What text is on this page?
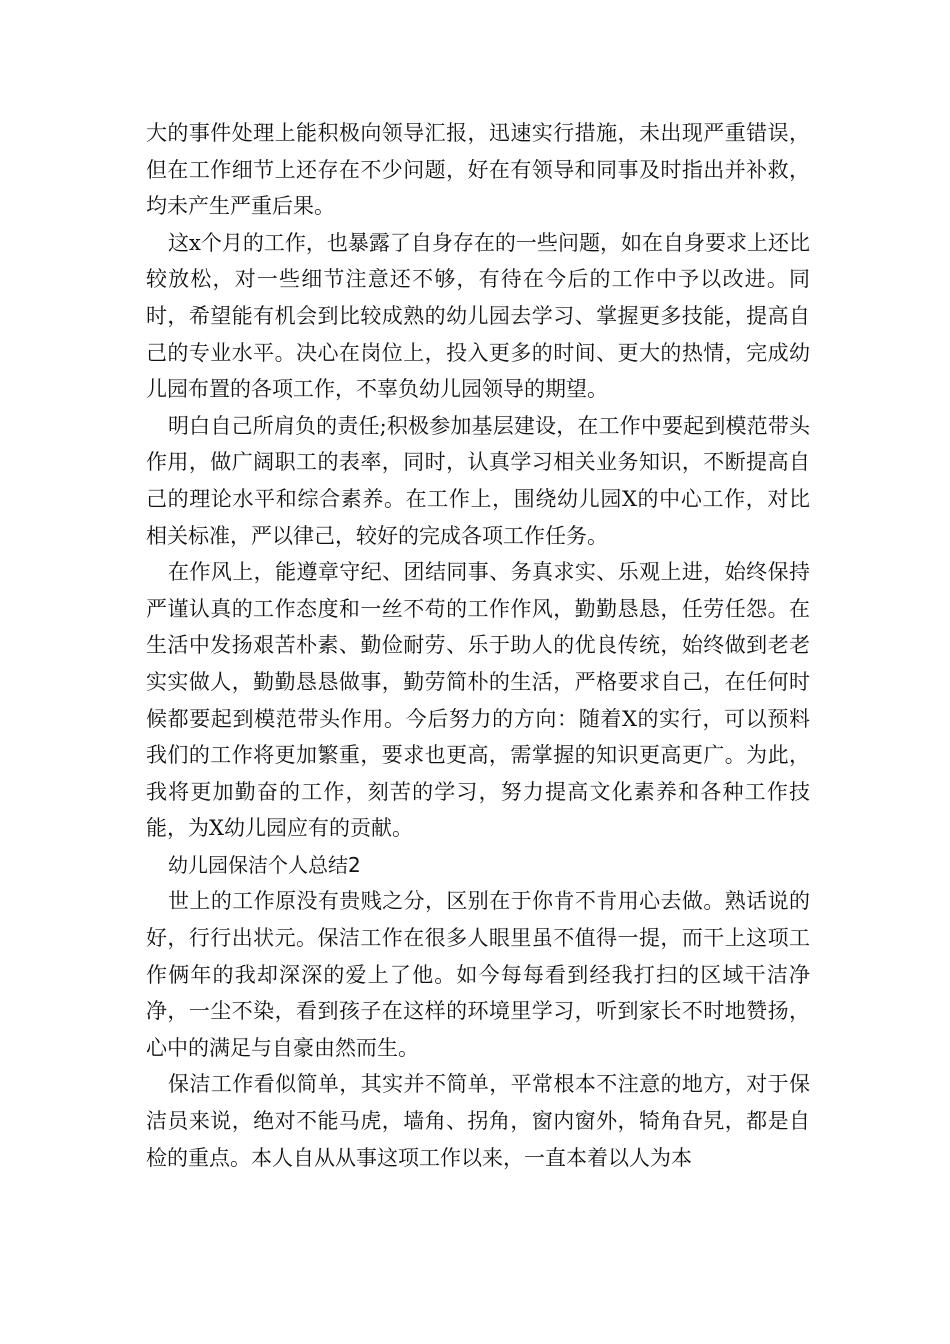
大的事件处理上能积极向领导汇报，迅速实行措施，未出现严重错误，但在工作细节上还存在不少问题，好在有领导和同事及时指出并补救，均未产生严重后果。

这x个月的工作，也暴露了自身存在的一些问题，如在自身要求上还比较放松，对一些细节注意还不够，有待在今后的工作中予以改进。同时，希望能有机会到比较成熟的幼儿园去学习、掌握更多技能，提高自己的专业水平。决心在岗位上，投入更多的时间、更大的热情，完成幼儿园布置的各项工作，不辜负幼儿园领导的期望。

明白自己所肩负的责任;积极参加基层建设，在工作中要起到模范带头作用，做广阔职工的表率，同时，认真学习相关业务知识，不断提高自己的理论水平和综合素养。在工作上，围绕幼儿园X的中心工作，对比相关标准，严以律己，较好的完成各项工作任务。

在作风上，能遵章守纪、团结同事、务真求实、乐观上进，始终保持严谨认真的工作态度和一丝不苟的工作作风，勤勤恳恳，任劳任怨。在生活中发扬艰苦朴素、勤俭耐劳、乐于助人的优良传统，始终做到老老实实做人，勤勤恳恳做事，勤劳简朴的生活，严格要求自己，在任何时候都要起到模范带头作用。今后努力的方向：随着X的实行，可以预料我们的工作将更加繁重，要求也更高，需掌握的知识更高更广。为此，我将更加勤奋的工作，刻苦的学习，努力提高文化素养和各种工作技能，为X幼儿园应有的贡献。

幼儿园保洁个人总结2

世上的工作原没有贵贱之分，区别在于你肯不肯用心去做。熟话说的好，行行出状元。保洁工作在很多人眼里虽不值得一提，而干上这项工作俩年的我却深深的爱上了他。如今每每看到经我打扫的区域干洁净净，一尘不染，看到孩子在这样的环境里学习，听到家长不时地赞扬，心中的满足与自豪由然而生。

保洁工作看似简单，其实并不简单，平常根本不注意的地方，对于保洁员来说，绝对不能马虎，墙角、拐角，窗内窗外，犄角旮旯，都是自检的重点。本人自从从事这项工作以来，一直本着以人为本
